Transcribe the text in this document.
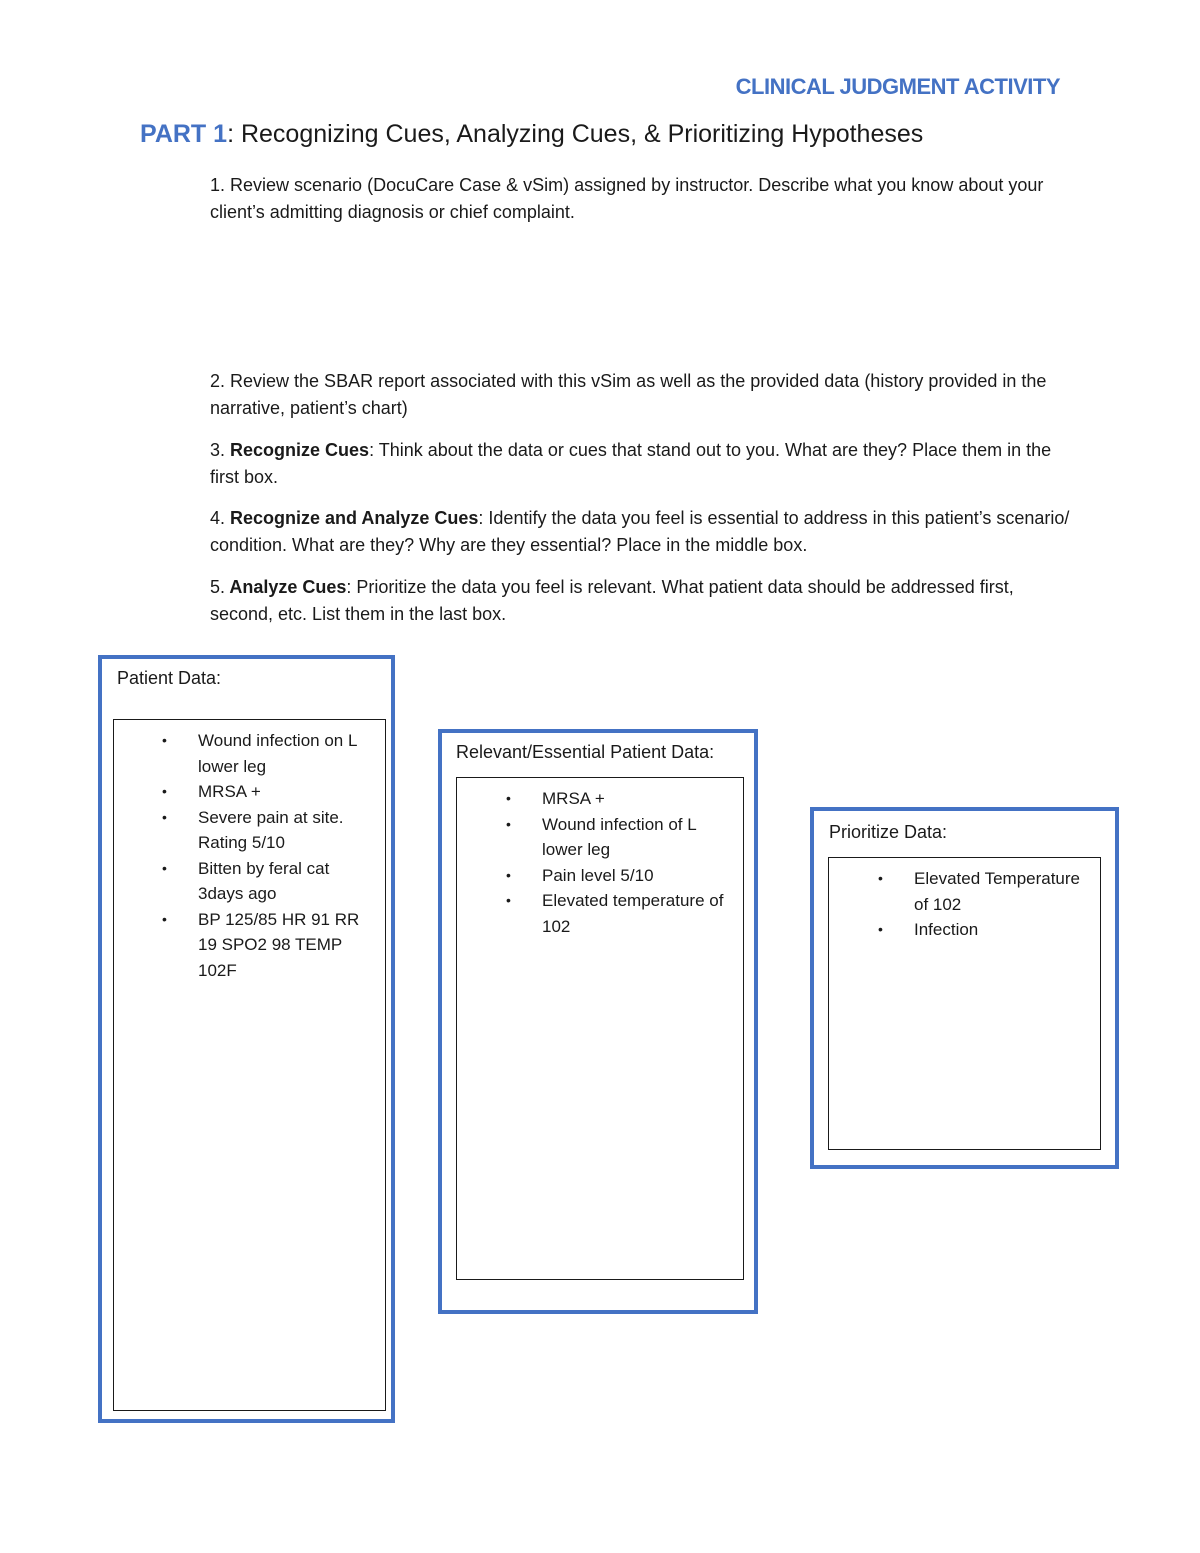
CLINICAL JUDGMENT ACTIVITY
PART 1: Recognizing Cues, Analyzing Cues, & Prioritizing Hypotheses

1. Review scenario (DocuCare Case & vSim) assigned by instructor. Describe what you know about your client’s admitting diagnosis or chief complaint.

2. Review the SBAR report associated with this vSim as well as the provided data (history provided in the narrative, patient’s chart)

3. Recognize Cues: Think about the data or cues that stand out to you. What are they? Place them in the first box.

4. Recognize and Analyze Cues: Identify the data you feel is essential to address in this patient’s scenario/ condition. What are they? Why are they essential? Place in the middle box.

5. Analyze Cues: Prioritize the data you feel is relevant. What patient data should be addressed first, second, etc. List them in the last box.

Patient Data:
• Wound infection on L lower leg
• MRSA +
• Severe pain at site. Rating 5/10
• Bitten by feral cat 3days ago
• BP 125/85 HR 91 RR 19 SPO2 98 TEMP 102F
Relevant/Essential Patient Data:
• MRSA +
• Wound infection of L lower leg
• Pain level 5/10
• Elevated temperature of 102
Prioritize Data:
• Elevated Temperature of 102
• Infection
